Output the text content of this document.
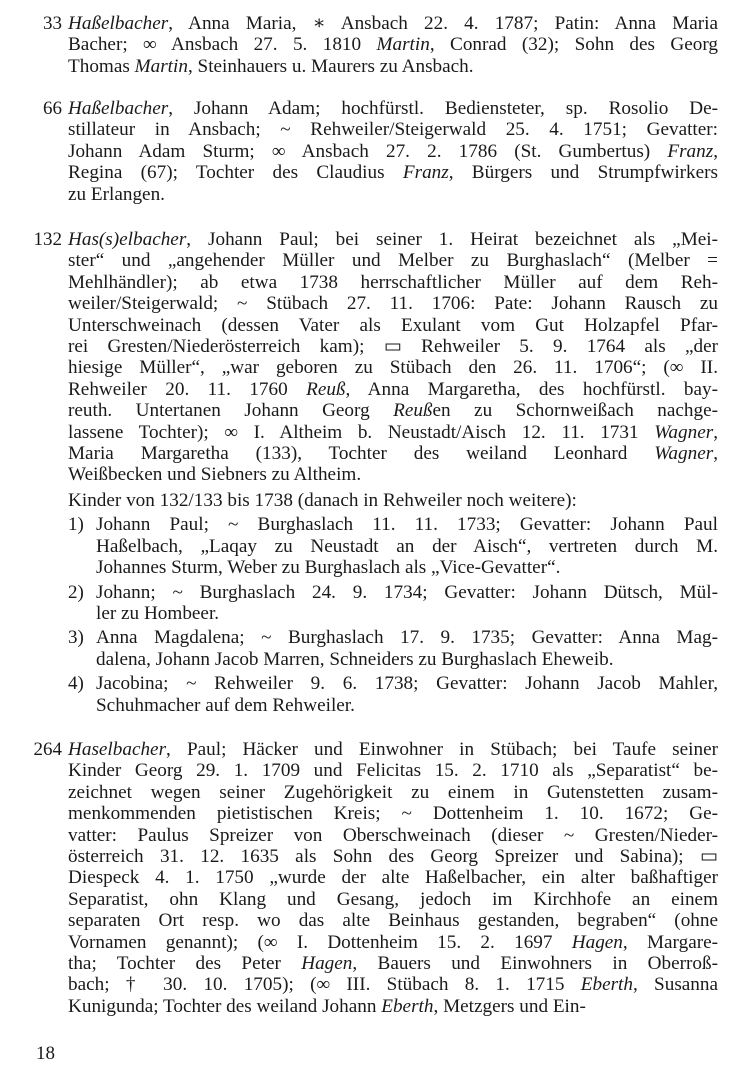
33 Haßelbacher, Anna Maria, ∗ Ansbach 22. 4. 1787; Patin: Anna Maria
Bacher; ∞ Ansbach 27. 5. 1810 Martin, Conrad (32); Sohn des Georg
Thomas Martin, Steinhauers u. Maurers zu Ansbach.
66 Haßelbacher, Johann Adam; hochfürstl. Bediensteter, sp. Rosolio De-
stillateur in Ansbach; ~ Rehweiler/Steigerwald 25. 4. 1751; Gevatter:
Johann Adam Sturm; ∞ Ansbach 27. 2. 1786 (St. Gumbertus) Franz,
Regina (67); Tochter des Claudius Franz, Bürgers und Strumpfwirkers
zu Erlangen.
132 Has(s)elbacher, Johann Paul; bei seiner 1. Heirat bezeichnet als „Mei-
ster“ und „angehender Müller und Melber zu Burghaslach“ (Melber =
Mehlhändler); ab etwa 1738 herrschaftlicher Müller auf dem Reh-
weiler/Steigerwald; ~ Stübach 27. 11. 1706: Pate: Johann Rausch zu
Unterschweinach (dessen Vater als Exulant vom Gut Holzapfel Pfar-
rei Gresten/Niederösterreich kam); ▭ Rehweiler 5. 9. 1764 als „der
hiesige Müller“, „war geboren zu Stübach den 26. 11. 1706“; (∞ II.
Rehweiler 20. 11. 1760 Reuß, Anna Margaretha, des hochfürstl. bay-
reuth. Untertanen Johann Georg Reußen zu Schornweißach nachge-
lassene Tochter); ∞ I. Altheim b. Neustadt/Aisch 12. 11. 1731 Wagner,
Maria Margaretha (133), Tochter des weiland Leonhard Wagner,
Weißbecken und Siebners zu Altheim.
Kinder von 132/133 bis 1738 (danach in Rehweiler noch weitere):
1) Johann Paul; ~ Burghaslach 11. 11. 1733; Gevatter: Johann Paul
Haßelbach, „Laqay zu Neustadt an der Aisch“, vertreten durch M.
Johannes Sturm, Weber zu Burghaslach als „Vice-Gevatter“.
2) Johann; ~ Burghaslach 24. 9. 1734; Gevatter: Johann Dütsch, Mül-
ler zu Hombeer.
3) Anna Magdalena; ~ Burghaslach 17. 9. 1735; Gevatter: Anna Mag-
dalena, Johann Jacob Marren, Schneiders zu Burghaslach Eheweib.
4) Jacobina; ~ Rehweiler 9. 6. 1738; Gevatter: Johann Jacob Mahler,
Schuhmacher auf dem Rehweiler.
264 Haselbacher, Paul; Häcker und Einwohner in Stübach; bei Taufe seiner
Kinder Georg 29. 1. 1709 und Felicitas 15. 2. 1710 als „Separatist“ be-
zeichnet wegen seiner Zugehörigkeit zu einem in Gutenstetten zusam-
menkommenden pietistischen Kreis; ~ Dottenheim 1. 10. 1672; Ge-
vatter: Paulus Spreizer von Oberschweinach (dieser ~ Gresten/Nieder-
österreich 31. 12. 1635 als Sohn des Georg Spreizer und Sabina); ▭
Diespeck 4. 1. 1750 „wurde der alte Haßelbacher, ein alter baßhaftiger
Separatist, ohn Klang und Gesang, jedoch im Kirchhofe an einem
separaten Ort resp. wo das alte Beinhaus gestanden, begraben“ (ohne
Vornamen genannt); (∞ I. Dottenheim 15. 2. 1697 Hagen, Margare-
tha; Tochter des Peter Hagen, Bauers und Einwohners in Oberroß-
bach; † 30. 10. 1705); (∞ III. Stübach 8. 1. 1715 Eberth, Susanna
Kunigunda; Tochter des weiland Johann Eberth, Metzgers und Ein-
18
